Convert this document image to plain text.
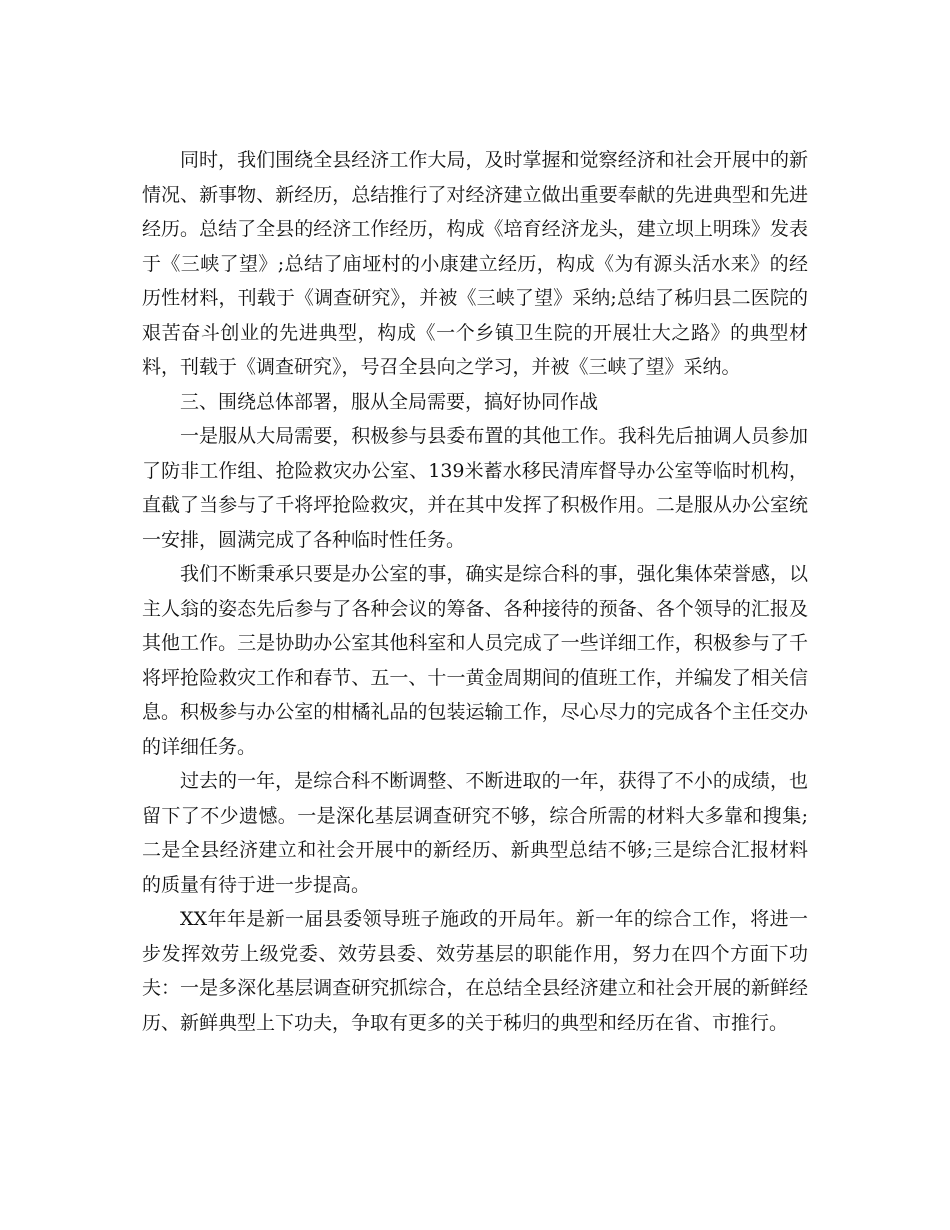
同时，我们围绕全县经济工作大局，及时掌握和觉察经济和社会开展中的新情况、新事物、新经历，总结推行了对经济建立做出重要奉献的先进典型和先进经历。总结了全县的经济工作经历，构成《培育经济龙头，建立坝上明珠》发表于《三峡了望》;总结了庙垭村的小康建立经历，构成《为有源头活水来》的经历性材料，刊载于《调查研究》，并被《三峡了望》采纳;总结了秭归县二医院的艰苦奋斗创业的先进典型，构成《一个乡镇卫生院的开展壮大之路》的典型材料，刊载于《调查研究》，号召全县向之学习，并被《三峡了望》采纳。

三、围绕总体部署，服从全局需要，搞好协同作战

一是服从大局需要，积极参与县委布置的其他工作。我科先后抽调人员参加了防非工作组、抢险救灾办公室、139米蓄水移民清库督导办公室等临时机构，直截了当参与了千将坪抢险救灾，并在其中发挥了积极作用。二是服从办公室统一安排，圆满完成了各种临时性任务。

我们不断秉承只要是办公室的事，确实是综合科的事，强化集体荣誉感，以主人翁的姿态先后参与了各种会议的筹备、各种接待的预备、各个领导的汇报及其他工作。三是协助办公室其他科室和人员完成了一些详细工作，积极参与了千将坪抢险救灾工作和春节、五一、十一黄金周期间的值班工作，并编发了相关信息。积极参与办公室的柑橘礼品的包装运输工作，尽心尽力的完成各个主任交办的详细任务。

过去的一年，是综合科不断调整、不断进取的一年，获得了不小的成绩，也留下了不少遗憾。一是深化基层调查研究不够，综合所需的材料大多靠和搜集;二是全县经济建立和社会开展中的新经历、新典型总结不够;三是综合汇报材料的质量有待于进一步提高。

XX年年是新一届县委领导班子施政的开局年。新一年的综合工作，将进一步发挥效劳上级党委、效劳县委、效劳基层的职能作用，努力在四个方面下功夫：一是多深化基层调查研究抓综合，在总结全县经济建立和社会开展的新鲜经历、新鲜典型上下功夫，争取有更多的关于秭归的典型和经历在省、市推行。
